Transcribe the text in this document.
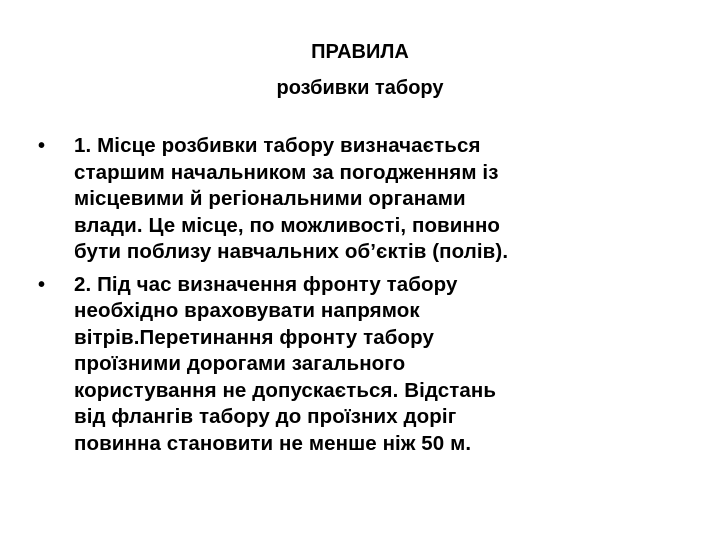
ПРАВИЛА
розбивки табору
•	1. Місце розбивки табору визначається
старшим начальником за погодженням із
місцевими й регіональними органами
влади. Це місце, по можливості, повинно
бути поблизу навчальних об’єктів (полів).
•	2. Під час визначення фронту табору
необхідно враховувати напрямок
вітрів.Перетинання фронту табору
проїзними дорогами загального
користування не допускається. Відстань
від флангів табору до проїзних доріг
повинна становити не менше ніж 50 м.
